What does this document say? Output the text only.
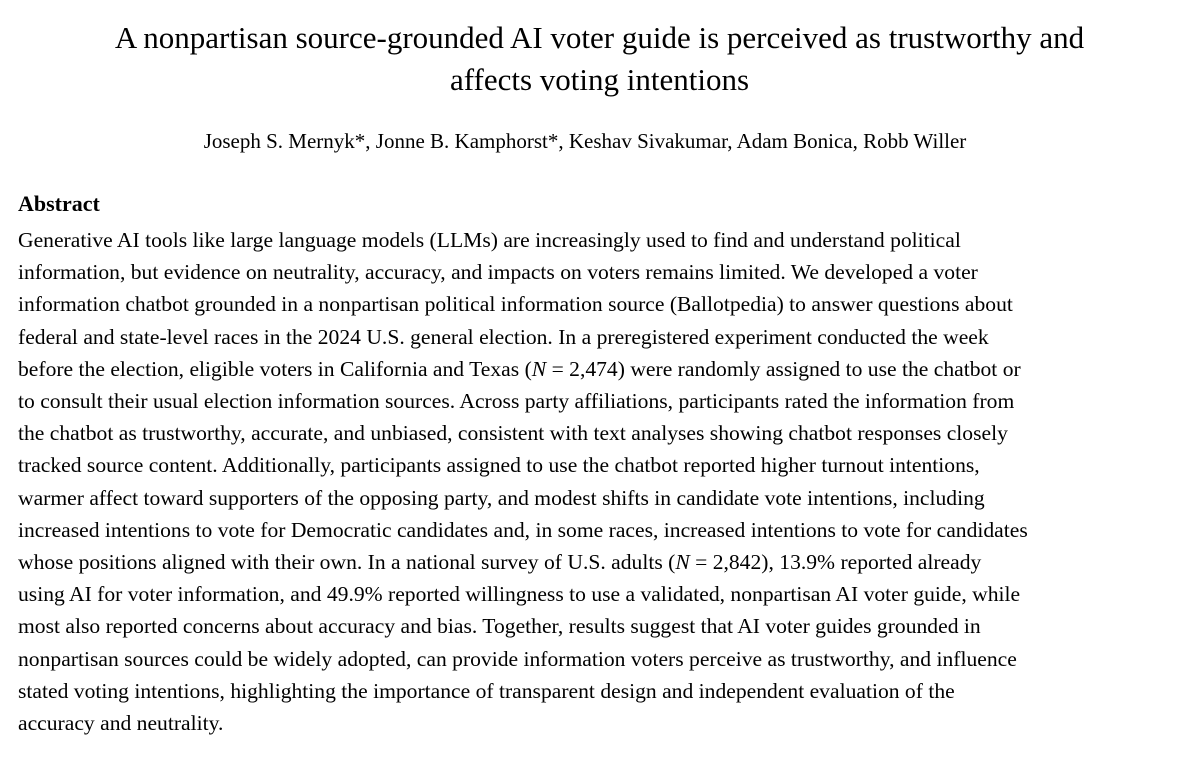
A nonpartisan source-grounded AI voter guide is perceived as trustworthy and
affects voting intentions

Joseph S. Mernyk*, Jonne B. Kamphorst*, Keshav Sivakumar, Adam Bonica, Robb Willer

Abstract
Generative AI tools like large language models (LLMs) are increasingly used to find and understand political
information, but evidence on neutrality, accuracy, and impacts on voters remains limited. We developed a voter
information chatbot grounded in a nonpartisan political information source (Ballotpedia) to answer questions about
federal and state-level races in the 2024 U.S. general election. In a preregistered experiment conducted the week
before the election, eligible voters in California and Texas (N = 2,474) were randomly assigned to use the chatbot or
to consult their usual election information sources. Across party affiliations, participants rated the information from
the chatbot as trustworthy, accurate, and unbiased, consistent with text analyses showing chatbot responses closely
tracked source content. Additionally, participants assigned to use the chatbot reported higher turnout intentions,
warmer affect toward supporters of the opposing party, and modest shifts in candidate vote intentions, including
increased intentions to vote for Democratic candidates and, in some races, increased intentions to vote for candidates
whose positions aligned with their own. In a national survey of U.S. adults (N = 2,842), 13.9% reported already
using AI for voter information, and 49.9% reported willingness to use a validated, nonpartisan AI voter guide, while
most also reported concerns about accuracy and bias. Together, results suggest that AI voter guides grounded in
nonpartisan sources could be widely adopted, can provide information voters perceive as trustworthy, and influence
stated voting intentions, highlighting the importance of transparent design and independent evaluation of the
accuracy and neutrality.
